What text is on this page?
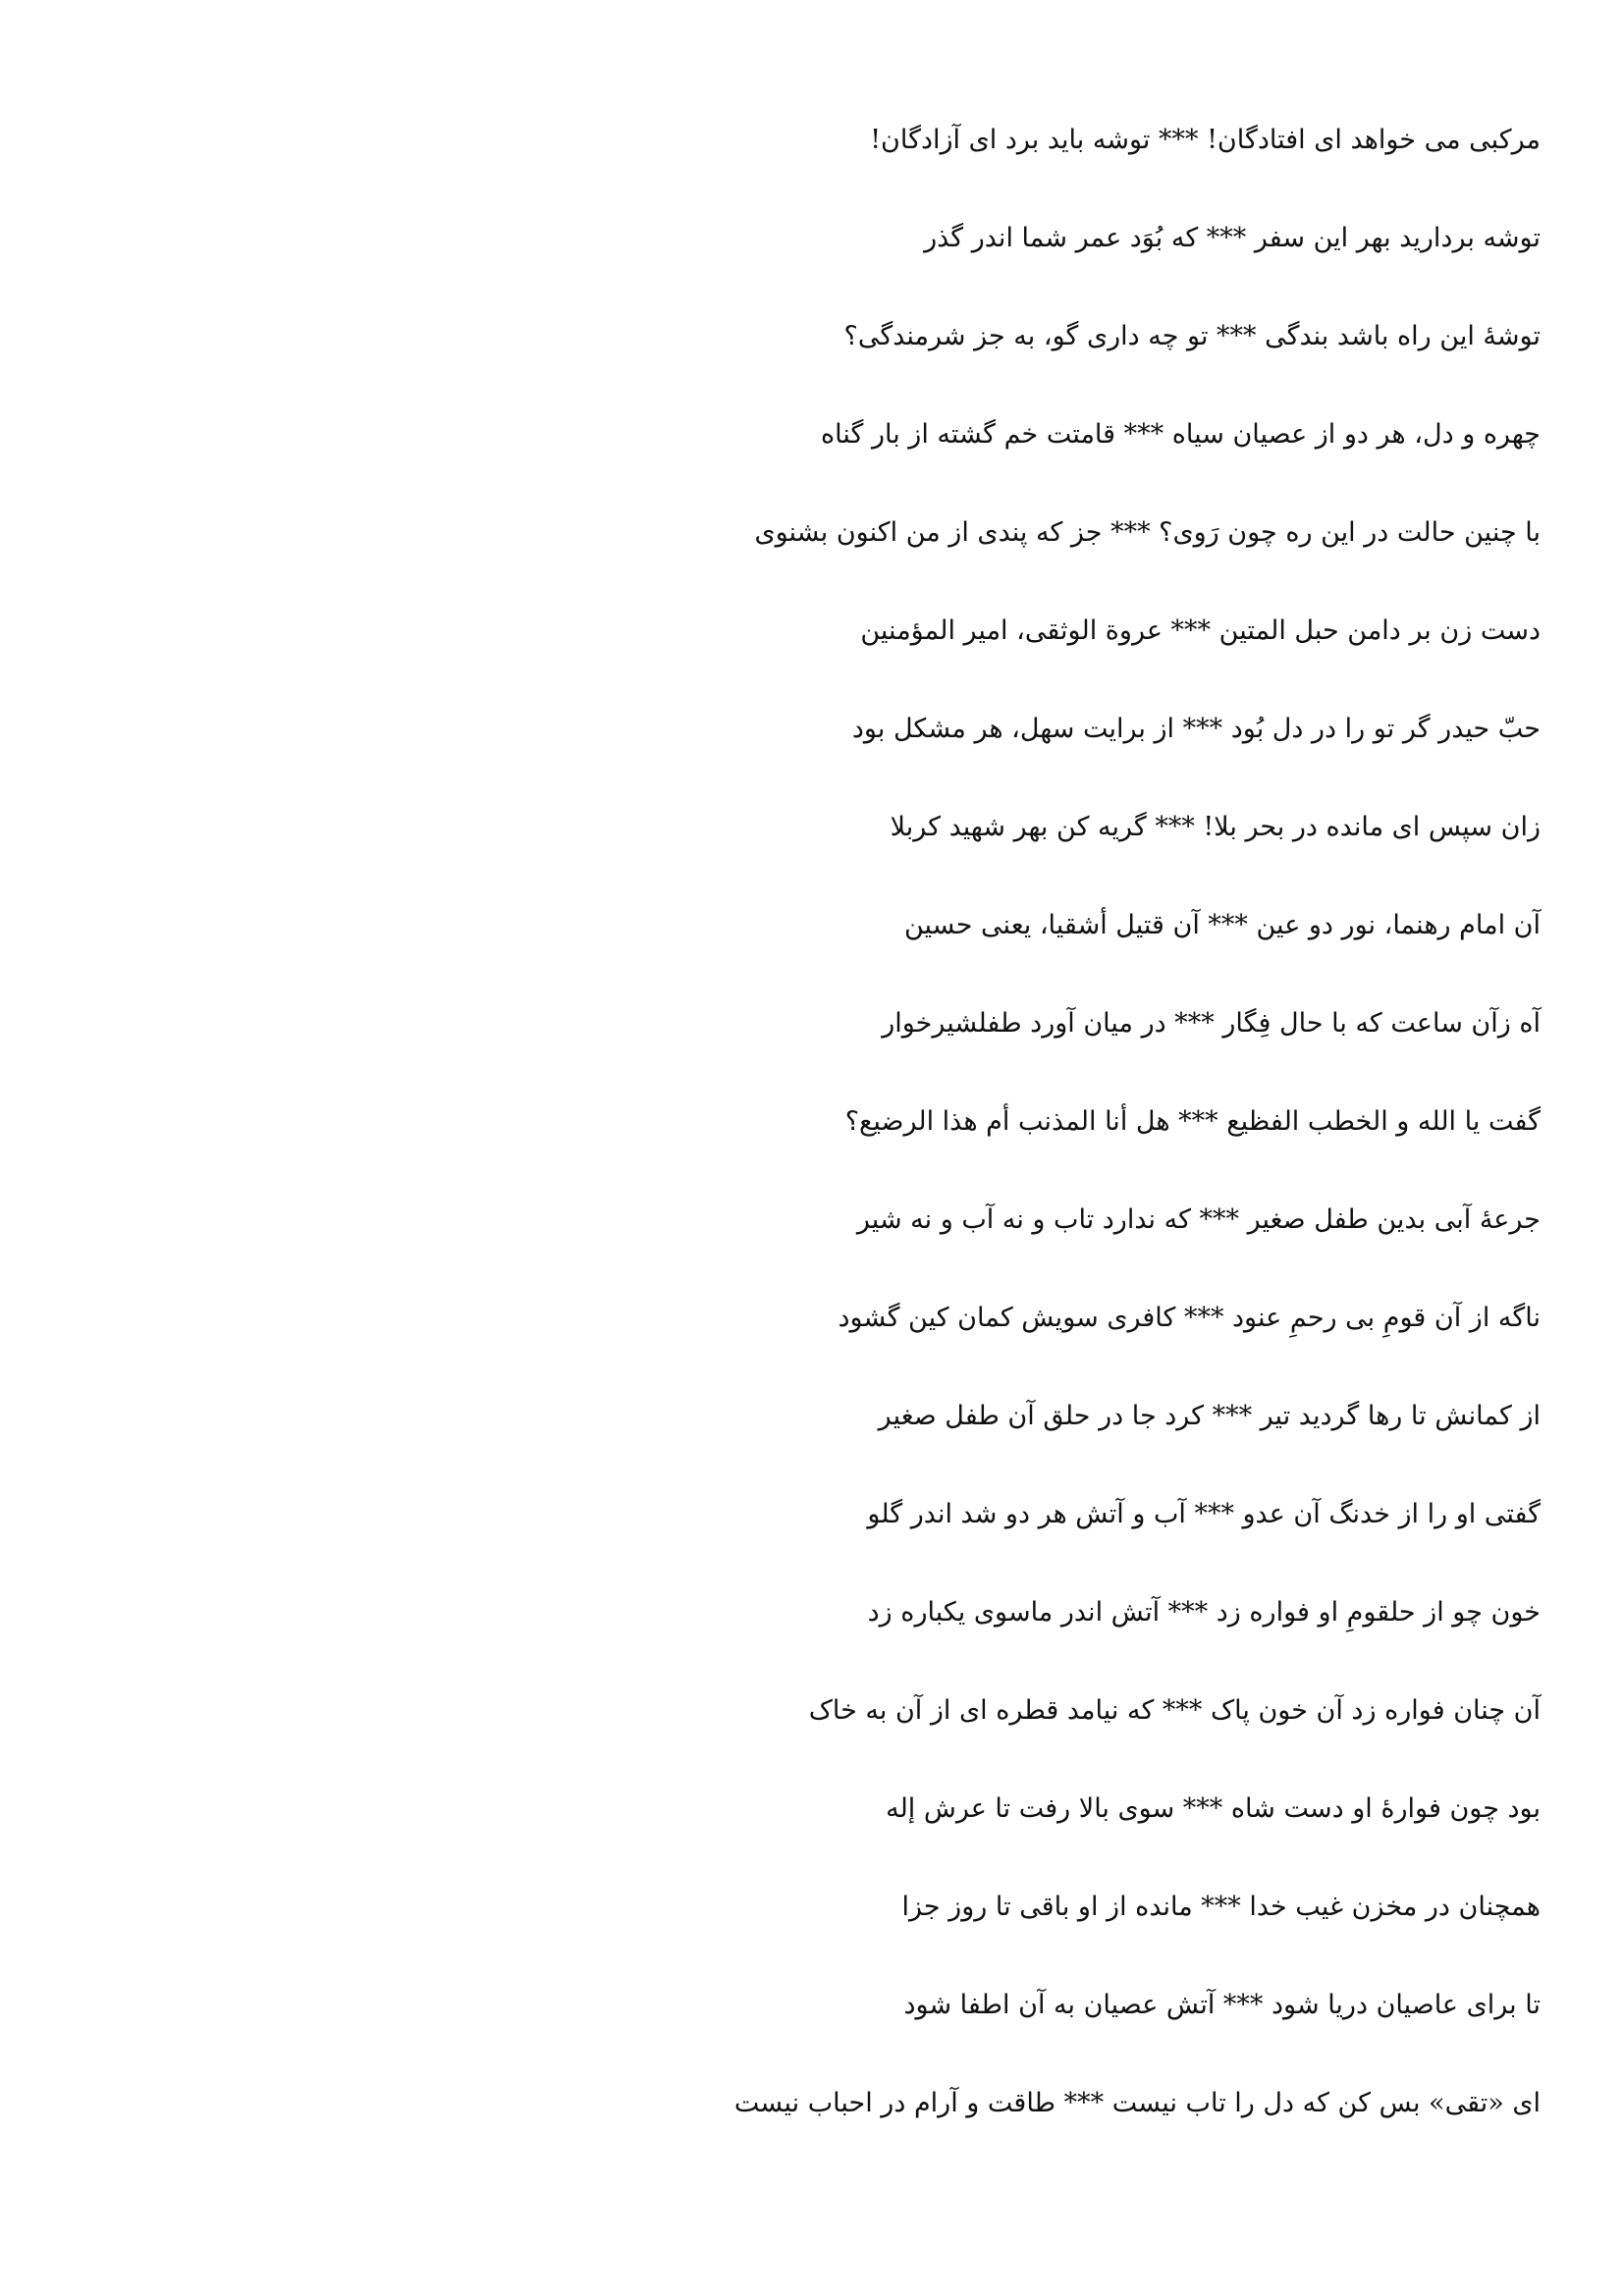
مرکبی می خواهد ای افتادگان! *** توشه باید برد ای آزادگان!
توشه بردارید بهر این سفر *** که بُوَد عمر شما اندر گذر
توشۀ این راه باشد بندگی *** تو چه داری گو، به جز شرمندگی؟
چهره و دل، هر دو از عصیان سیاه *** قامتت خم گشته از بار گناه
با چنین حالت در این ره چون رَوی؟ *** جز که پندی از من اکنون بشنوی
دست زن بر دامن حبل المتین *** عروة الوثقی، امیر المؤمنین
حبّ حیدر گر تو را در دل بُود *** از برایت سهل، هر مشکل بود
زان سپس ای مانده در بحر بلا! *** گریه کن بهر شهید کربلا
آن امام رهنما، نور دو عین *** آن قتیل أشقیا، یعنی حسین
آه زآن ساعت که با حال فِگار *** در میان آورد طفلشیرخوار
گفت یا الله و الخطب الفظیع *** هل أنا المذنب أم هذا الرضیع؟
جرعۀ آبی بدین طفل صغیر *** که ندارد تاب و نه آب و نه شیر
ناگه از آن قومِ بی رحمِ عنود *** کافری سویش کمان کین گشود
از کمانش تا رها گردید تیر *** کرد جا در حلق آن طفل صغیر
گفتی او را از خدنگ آن عدو *** آب و آتش هر دو شد اندر گلو
خون چو از حلقومِ او فواره زد *** آتش اندر ماسوی یکباره زد
آن چنان فواره زد آن خون پاک *** که نیامد قطره ای از آن به خاک
بود چون فوارۀ او دست شاه *** سوی بالا رفت تا عرش إله
همچنان در مخزن غیب خدا *** مانده از او باقی تا روز جزا
تا برای عاصیان دریا شود *** آتش عصیان به آن اطفا شود
ای «تقی» بس کن که دل را تاب نیست *** طاقت و آرام در احباب نیست
